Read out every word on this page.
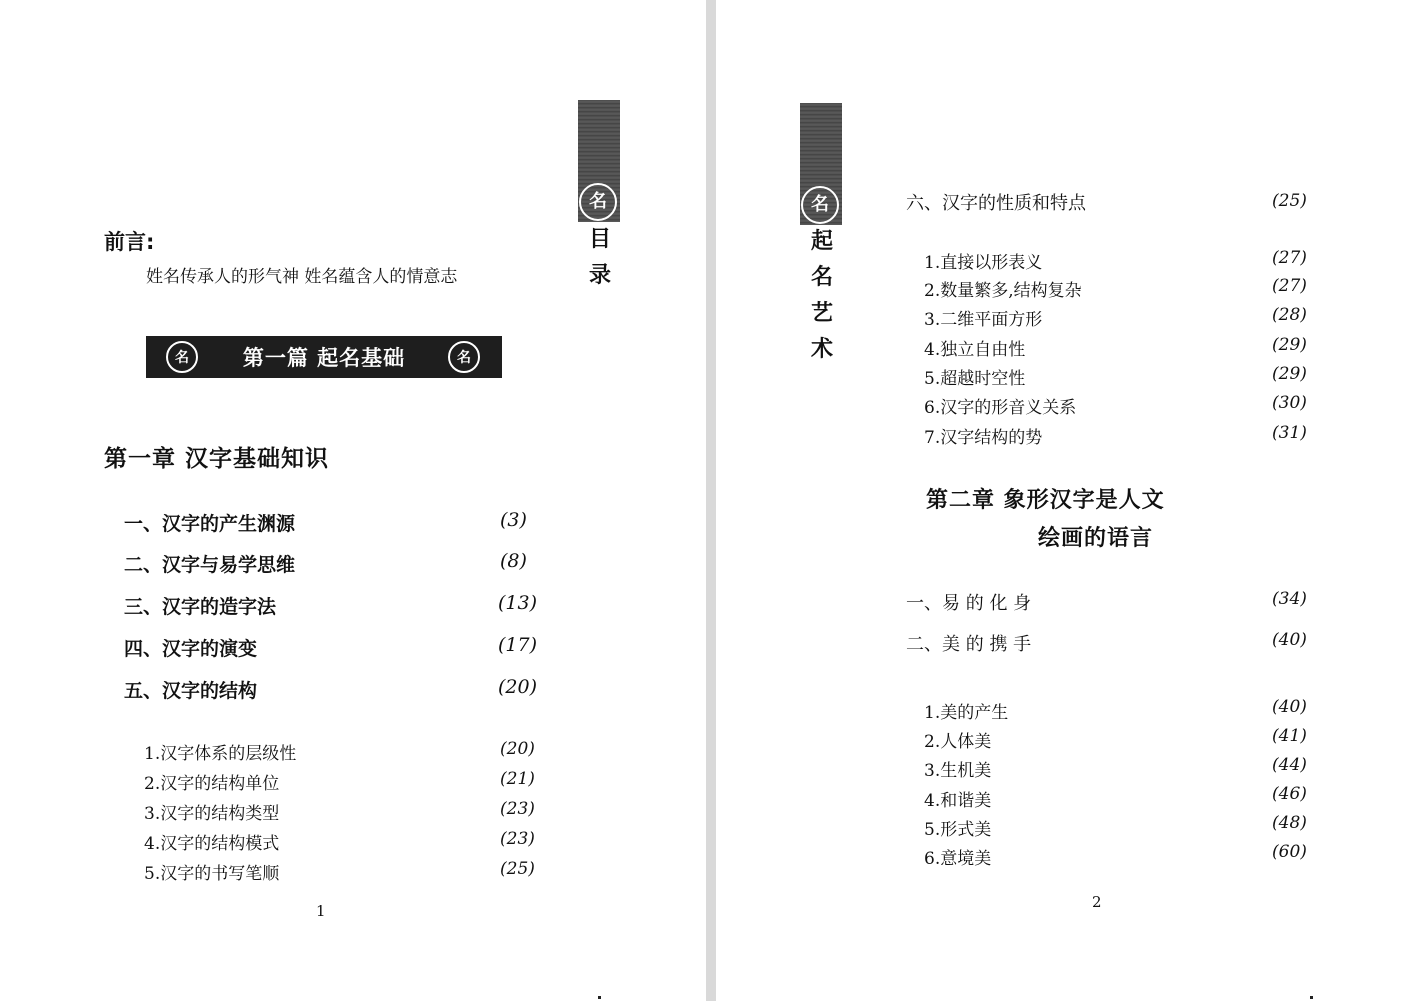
名
目录
前言:
姓名传承人的形气神 姓名蕴含人的情意志
名	第一篇 起名基础	名
第一章 汉字基础知识
一、汉字的产生渊源	(3)
二、汉字与易学思维	(8)
三、汉字的造字法	(13)
四、汉字的演变	(17)
五、汉字的结构	(20)
1.汉字体系的层级性	(20)
2.汉字的结构单位	(21)
3.汉字的结构类型	(23)
4.汉字的结构模式	(23)
5.汉字的书写笔顺	(25)
1
名
起名艺术
六、汉字的性质和特点	(25)
1.直接以形表义	(27)
2.数量繁多,结构复杂	(27)
3.二维平面方形	(28)
4.独立自由性	(29)
5.超越时空性	(29)
6.汉字的形音义关系	(30)
7.汉字结构的势	(31)
第二章 象形汉字是人文
绘画的语言
一、易 的 化 身	(34)
二、美 的 携 手	(40)
1.美的产生	(40)
2.人体美	(41)
3.生机美	(44)
4.和谐美	(46)
5.形式美	(48)
6.意境美	(60)
2
